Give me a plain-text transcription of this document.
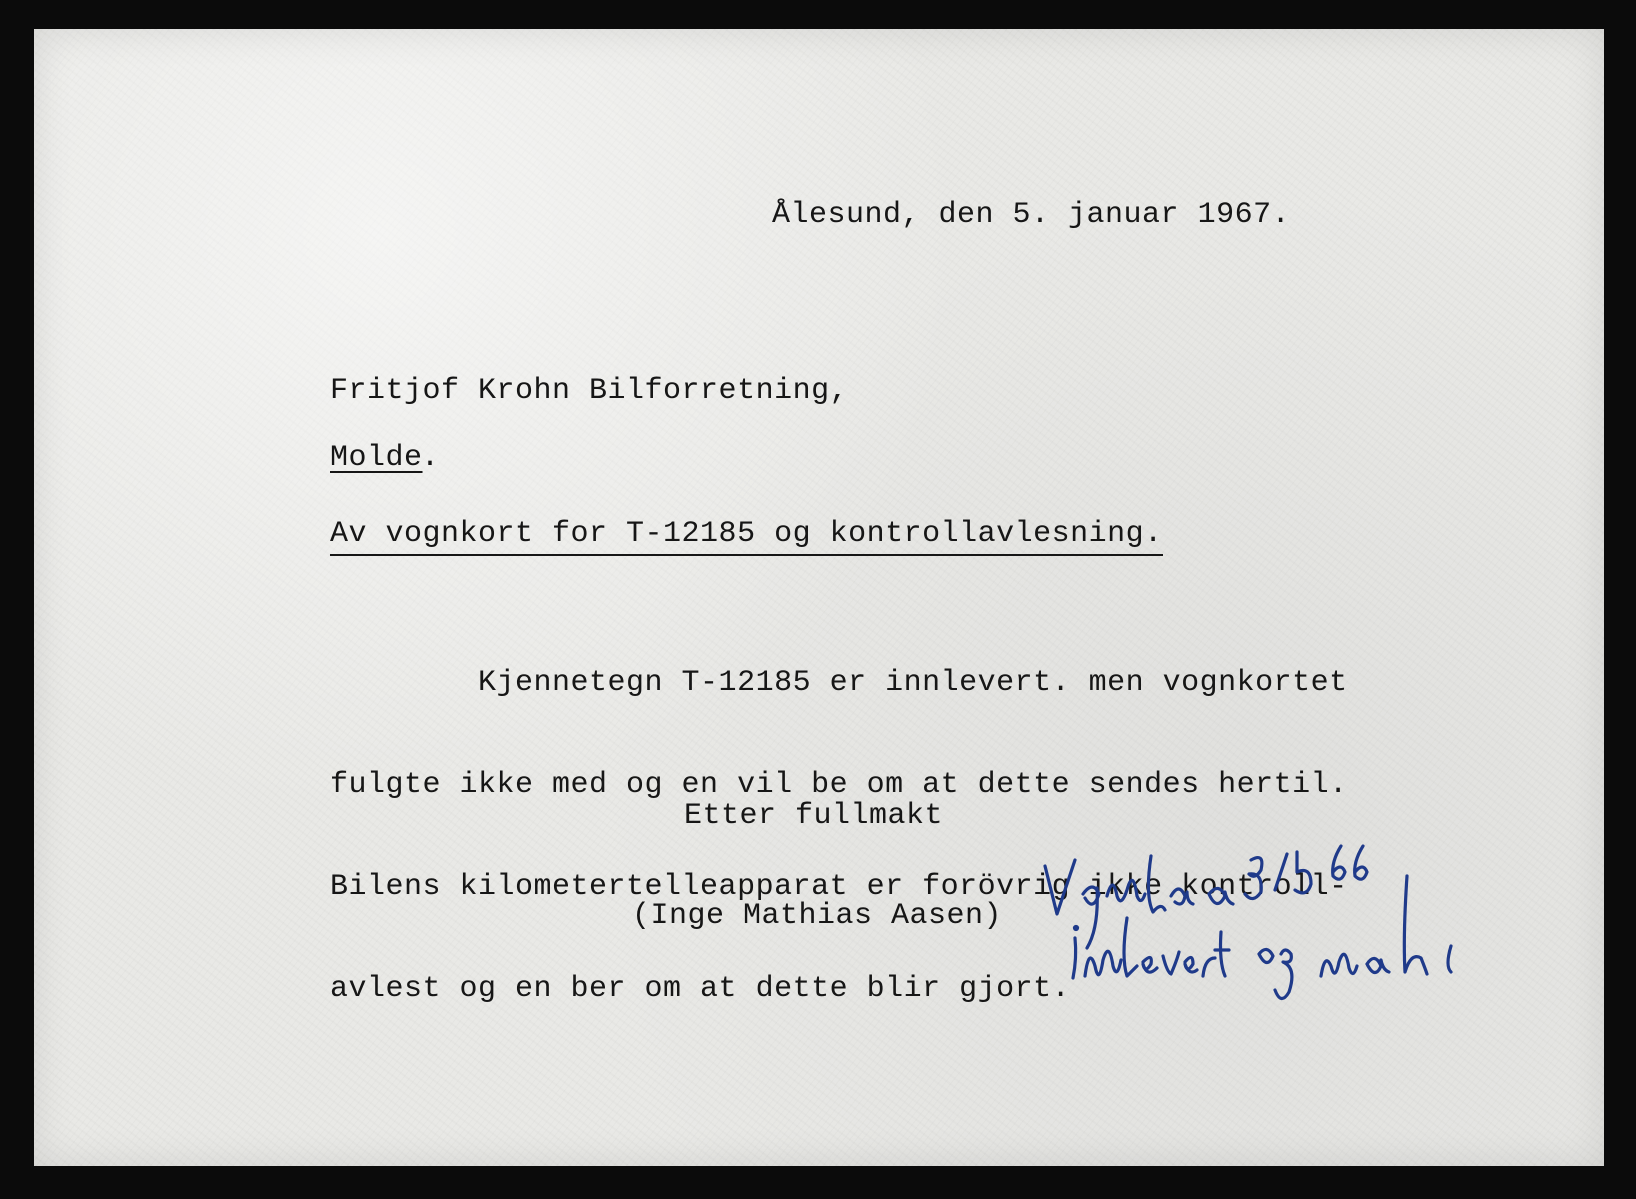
Ålesund, den 5. januar 1967.
Fritjof Krohn Bilforretning,
Molde
.
Av vognkort for T-12185 og kontrollavlesning.

Kjennetegn T-12185 er innlevert. men vognkortet

fulgte ikke med og en vil be om at dette sendes hertil.

Bilens kilometertelleapparat er forövrig ikke kontroll-

avlest og en ber om at dette blir gjort.

Etter fullmakt
(Inge Mathias Aasen)
Vognkort a 3/5 66 innlevert og mah
